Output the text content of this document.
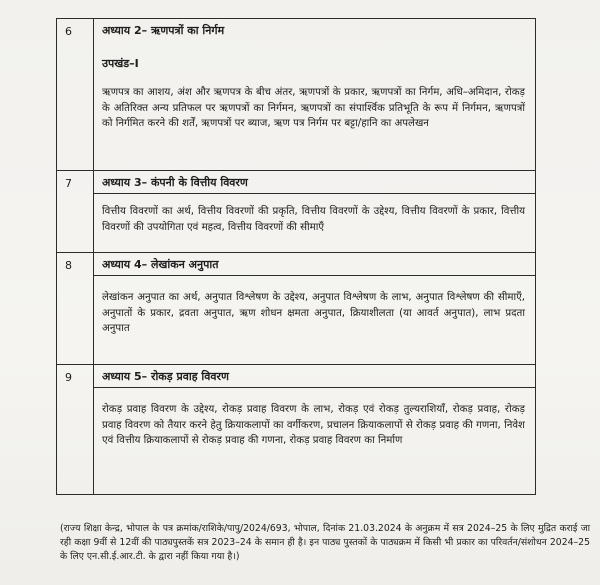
6	अध्याय 2– ऋणपत्रों का निर्गम
उपखंड–I
ऋणपत्र का आशय, अंश और ऋणपत्र के बीच अंतर, ऋणपत्रों के प्रकार, ऋणपत्रों का निर्गम, अधि–अमिदान, रोकड़ के अतिरिक्त अन्य प्रतिफल पर ऋणपत्रों का निर्गमन, ऋणपत्रों का संपार्श्विक प्रतिभूति के रूप में निर्गमन, ऋणपत्रों को निर्गमित करने की शर्तें, ऋणपत्रों पर ब्याज, ऋण पत्र निर्गम पर बट्टा/हानि का अपलेखन

7	अध्याय 3– कंपनी के वित्तीय विवरण
वित्तीय विवरणों का अर्थ, वित्तीय विवरणों की प्रकृति, वित्तीय विवरणों के उद्देश्य, वित्तीय विवरणों के प्रकार, वित्तीय विवरणों की उपयोगिता एवं महत्व, वित्तीय विवरणों की सीमाएँ

8	अध्याय 4– लेखांकन अनुपात
लेखांकन अनुपात का अर्थ, अनुपात विश्लेषण के उद्देश्य, अनुपात विश्लेषण के लाभ, अनुपात विश्लेषण की सीमाएँ, अनुपातों के प्रकार, द्रवता अनुपात, ऋण शोधन क्षमता अनुपात, क्रियाशीलता (या आवर्त अनुपात), लाभ प्रदता अनुपात

9	अध्याय 5– रोकड़ प्रवाह विवरण
रोकड़ प्रवाह विवरण के उद्देश्य, रोकड़ प्रवाह विवरण के लाभ, रोकड़ एवं रोकड़ तुल्यराशियाँ, रोकड़ प्रवाह, रोकड़ प्रवाह विवरण को तैयार करने हेतु क्रियाकलापों का वर्गीकरण, प्रचालन क्रियाकलापों से रोकड़ प्रवाह की गणना, निवेश एवं वित्तीय क्रियाकलापों से रोकड़ प्रवाह की गणना, रोकड़ प्रवाह विवरण का निर्माण
(राज्य शिक्षा केन्द्र, भोपाल के पत्र क्रमांक/राशिके/पापु/2024/693, भोपाल, दिनांक 21.03.2024 के अनुक्रम में सत्र 2024–25 के लिए मुद्रित कराई जा रही कक्षा 9वीं से 12वीं की पाठ्यपुस्तकें सत्र 2023–24 के समान ही है। इन पाठ्य पुस्तकों के पाठ्यक्रम में किसी भी प्रकार का परिवर्तन/संशोधन 2024–25 के लिए एन.सी.ई.आर.टी. के द्वारा नहीं किया गया है।)
